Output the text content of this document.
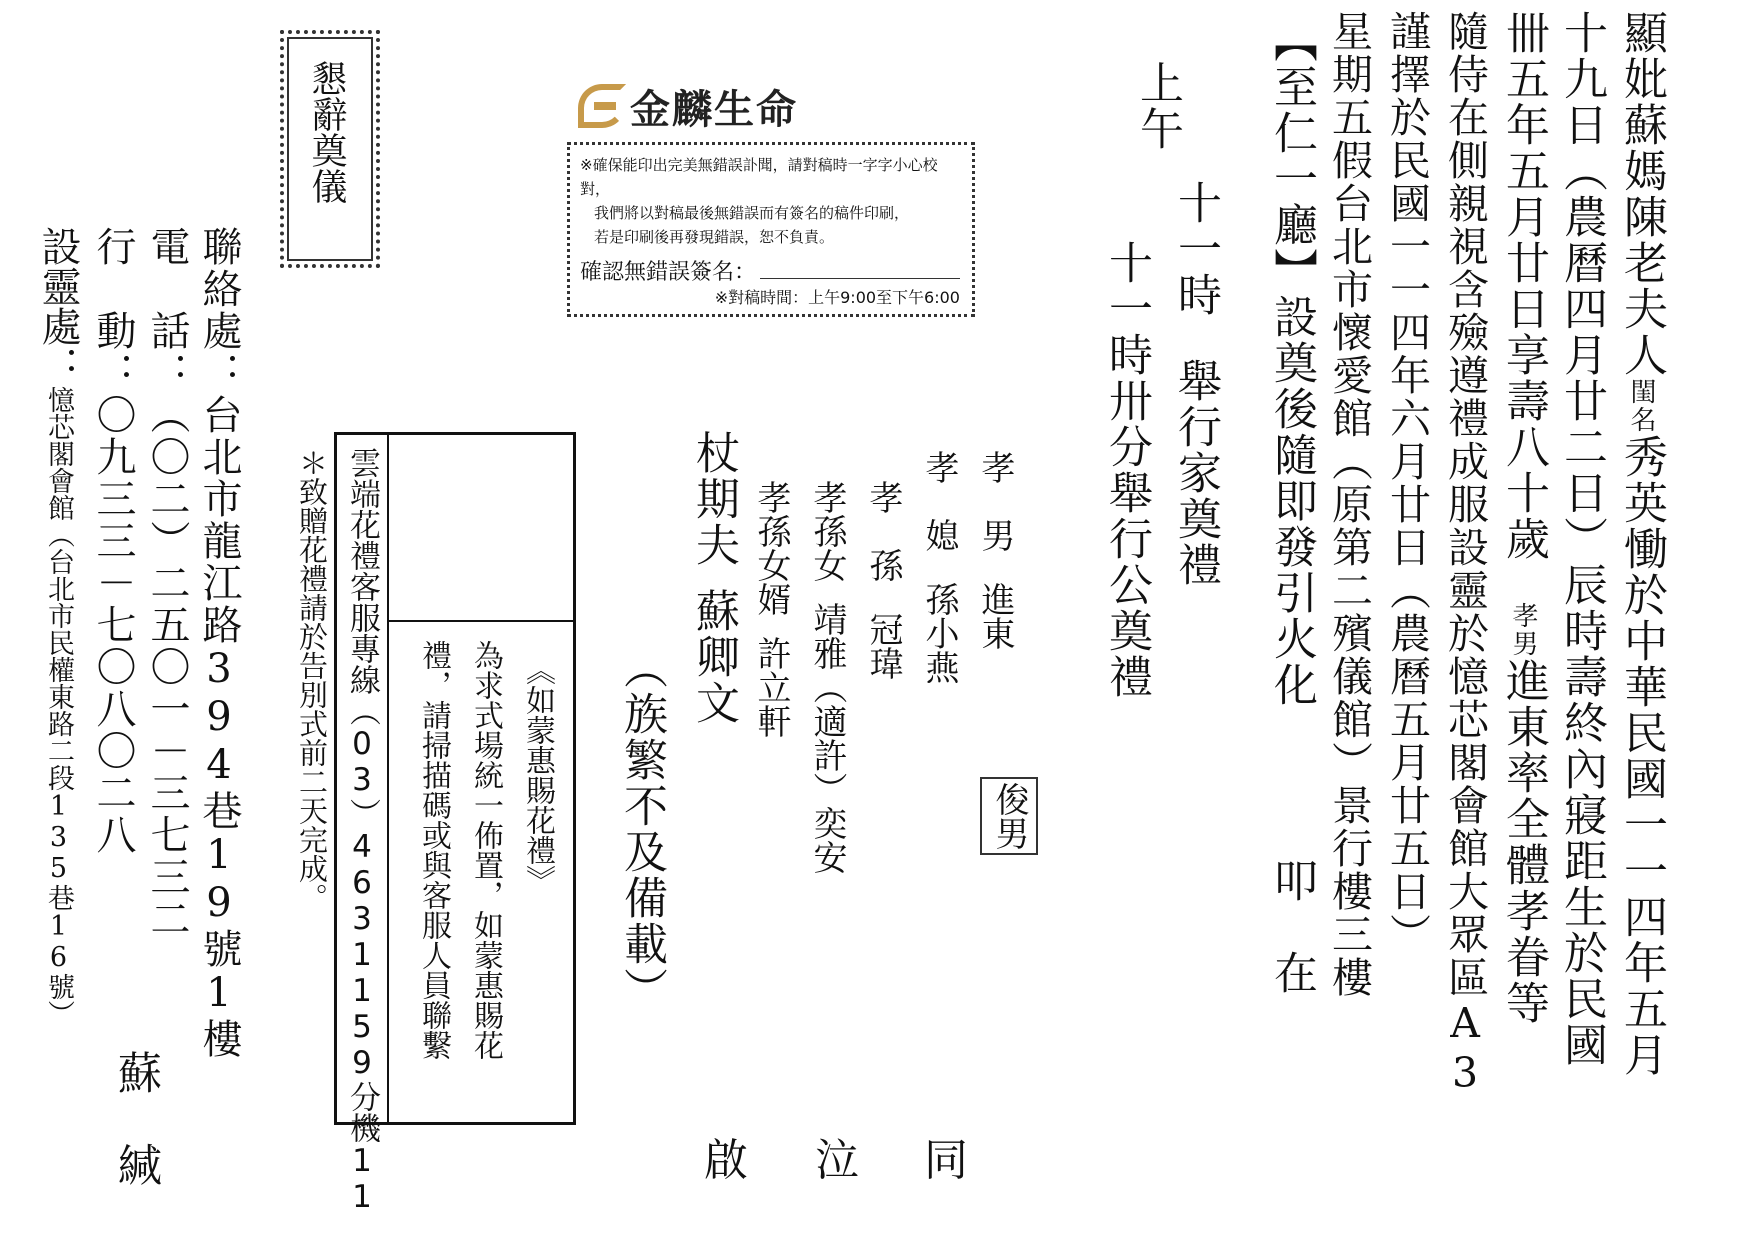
顯妣蘇媽陳老夫人閨名秀英慟於中華民國一一四年五月
十九日（農曆四月廿二日）辰時壽終內寢距生於民國
卌五年五月廿日享壽八十歲孝男進東率全體孝眷等
隨侍在側親視含殮遵禮成服設靈於憶芯閣會館大眾區A3
謹擇於民國一一四年六月廿日（農曆五月廿五日）
星期五假台北市懷愛館（原第二殯儀館）景行樓三樓
【至仁一廳】設奠後隨即發引火化叩　在
十一時舉行家奠禮
上午
十一時卅分舉行公奠禮
孝　男進東
俊男
孝　媳孫小燕
孝　孫冠瑋
孝孫女靖雅（適許）奕安
孝孫女婿許立軒
杖期夫蘇卿文
（族繁不及備載）
同
泣
啟
金麟生命

※確保能印出完美無錯誤訃聞，請對稿時一字字小心校對，

我們將以對稿最後無錯誤而有簽名的稿件印刷，

若是印刷後再發現錯誤，恕不負責。

確認無錯誤簽名：

※對稿時間：上午9:00至下午6:00
懇辭奠儀
雲端花禮客服專線（03）4631159分機11	《如蒙惠賜花禮》
為求式場統一佈置，如蒙惠賜花
禮，請掃描碼或與客服人員聯繫
＊致贈花禮請於告別式前二天完成。
聯絡處：台北市龍江路394巷19號1樓
電　話：（〇二）二五〇一－三七三二
行　動：〇九三三－七〇八〇二八
設靈處：憶芯閣會館（台北市民權東路二段135巷16號）
蘇　緘
